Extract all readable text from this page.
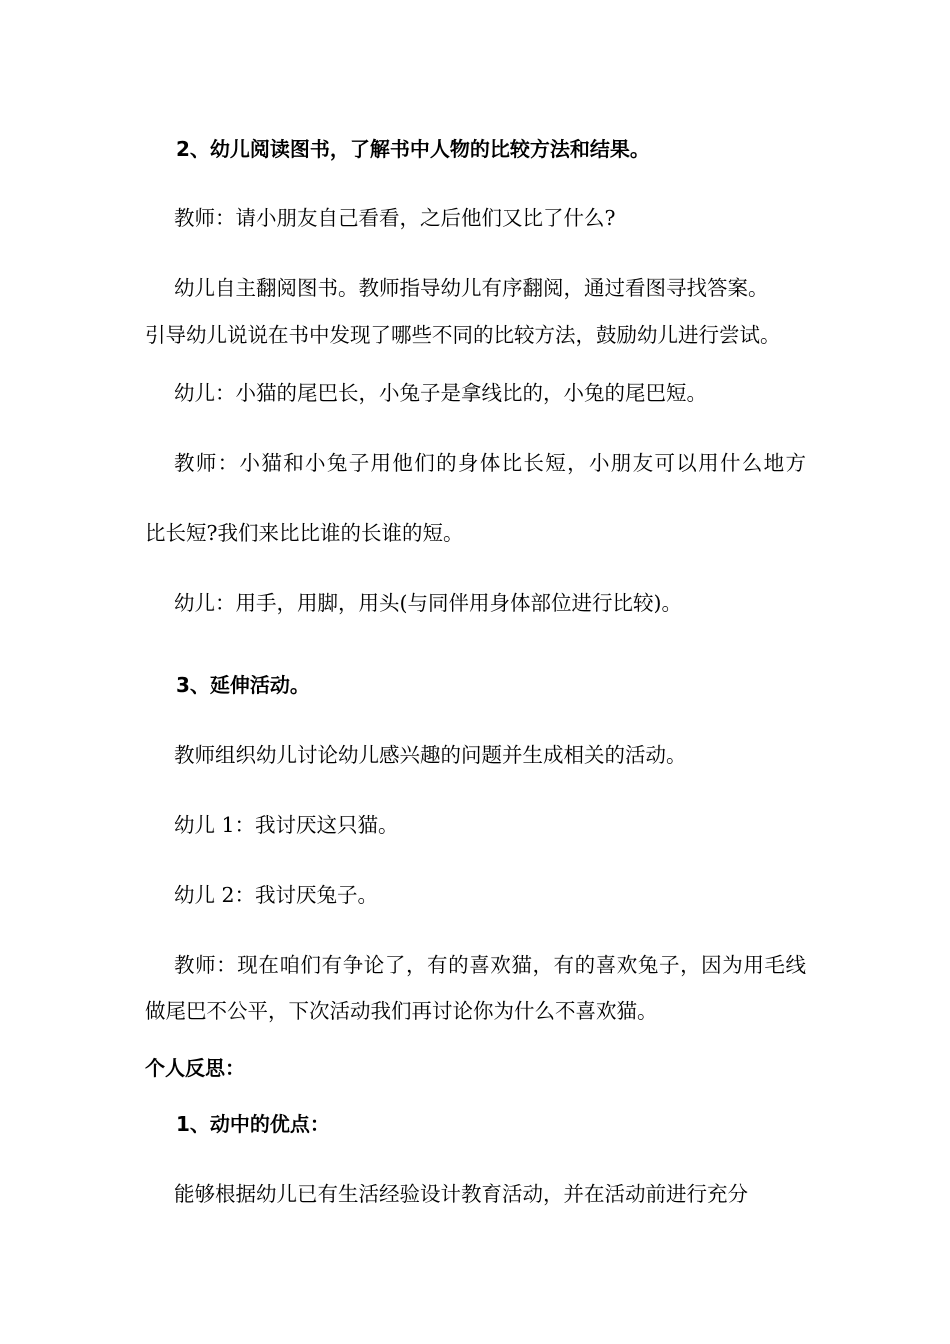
2、幼儿阅读图书，了解书中人物的比较方法和结果。
教师：请小朋友自己看看，之后他们又比了什么?
幼儿自主翻阅图书。教师指导幼儿有序翻阅，通过看图寻找答案。
引导幼儿说说在书中发现了哪些不同的比较方法，鼓励幼儿进行尝试。
幼儿：小猫的尾巴长，小兔子是拿线比的，小兔的尾巴短。
教师：小猫和小兔子用他们的身体比长短，小朋友可以用什么地方
比长短?我们来比比谁的长谁的短。
幼儿：用手，用脚，用头(与同伴用身体部位进行比较)。
3、延伸活动。
教师组织幼儿讨论幼儿感兴趣的问题并生成相关的活动。
幼儿 1：我讨厌这只猫。
幼儿 2：我讨厌兔子。
教师：现在咱们有争论了，有的喜欢猫，有的喜欢兔子，因为用毛线
做尾巴不公平，下次活动我们再讨论你为什么不喜欢猫。
个人反思：
1、动中的优点：
能够根据幼儿已有生活经验设计教育活动，并在活动前进行充分
